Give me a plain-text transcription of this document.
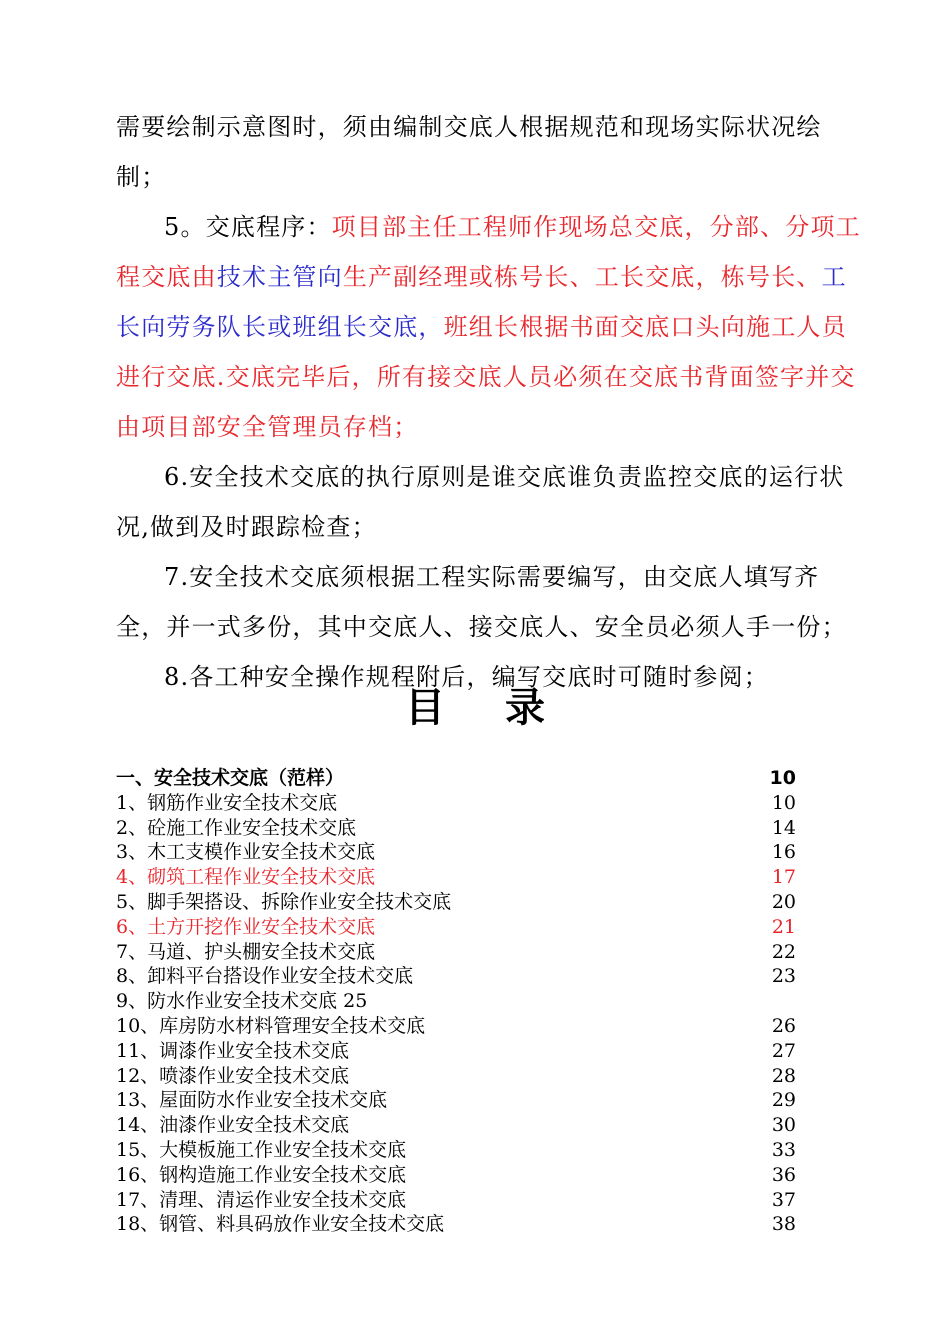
需要绘制示意图时，须由编制交底人根据规范和现场实际状况绘制；

5。交底程序：项目部主任工程师作现场总交底，分部、分项工程交底由技术主管向生产副经理或栋号长、工长交底，栋号长、工长向劳务队长或班组长交底，班组长根据书面交底口头向施工人员进行交底.交底完毕后，所有接交底人员必须在交底书背面签字并交由项目部安全管理员存档；

6.安全技术交底的执行原则是谁交底谁负责监控交底的运行状况,做到及时跟踪检查；

7.安全技术交底须根据工程实际需要编写，由交底人填写齐全，并一式多份，其中交底人、接交底人、安全员必须人手一份；

8.各工种安全操作规程附后，编写交底时可随时参阅；

目录
一、安全技术交底（范样）	10
1、钢筋作业安全技术交底	10
2、砼施工作业安全技术交底	14
3、木工支模作业安全技术交底	16
4、砌筑工程作业安全技术交底	17
5、脚手架搭设、拆除作业安全技术交底	20
6、土方开挖作业安全技术交底	21
7、马道、护头棚安全技术交底	22
8、卸料平台搭设作业安全技术交底	23
9、防水作业安全技术交底 25
10、库房防水材料管理安全技术交底	26
11、调漆作业安全技术交底	27
12、喷漆作业安全技术交底	28
13、屋面防水作业安全技术交底	29
14、油漆作业安全技术交底	30
15、大模板施工作业安全技术交底	33
16、钢构造施工作业安全技术交底	36
17、清理、清运作业安全技术交底	37
18、钢管、料具码放作业安全技术交底	38
